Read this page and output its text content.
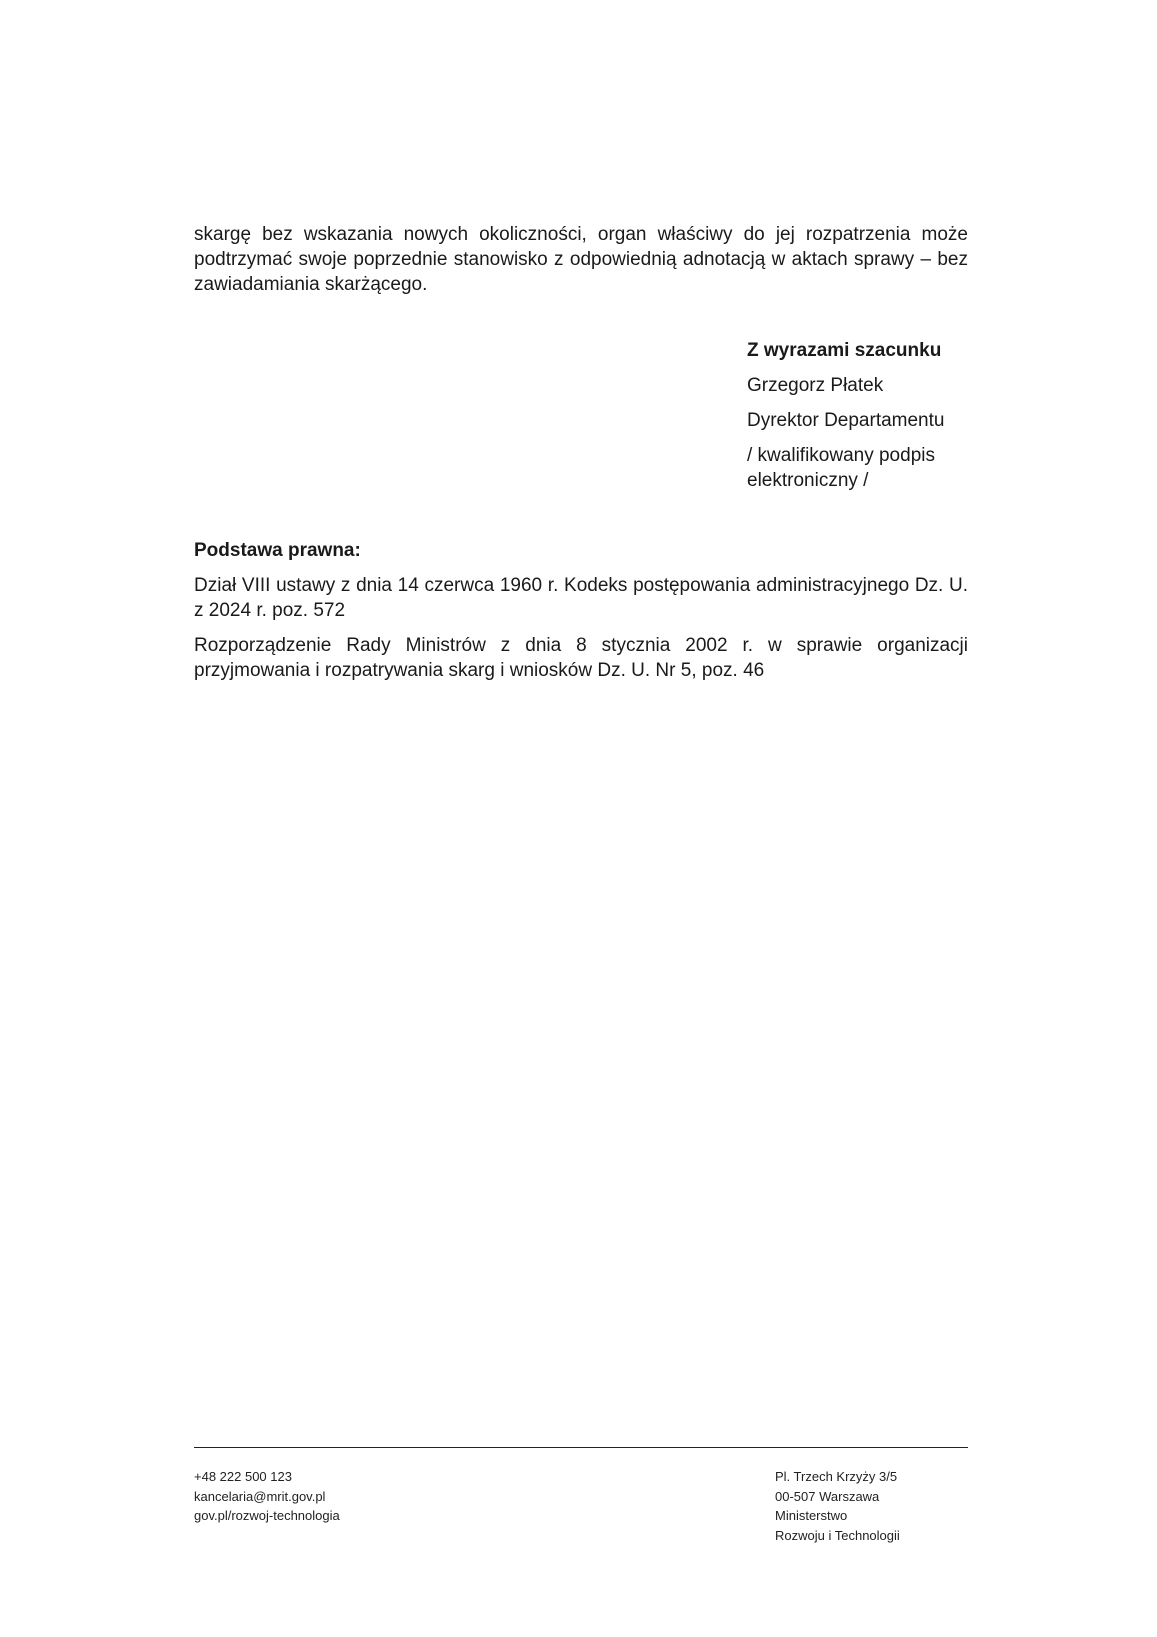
skargę bez wskazania nowych okoliczności, organ właściwy do jej rozpatrzenia może podtrzymać swoje poprzednie stanowisko z odpowiednią adnotacją w aktach sprawy – bez zawiadamiania skarżącego.

Z wyrazami szacunku

Grzegorz Płatek

Dyrektor Departamentu

/ kwalifikowany podpis elektroniczny /

Podstawa prawna:

Dział VIII ustawy z dnia 14 czerwca 1960 r. Kodeks postępowania administracyjnego Dz. U. z 2024 r. poz. 572

Rozporządzenie Rady Ministrów z dnia 8 stycznia 2002 r. w sprawie organizacji przyjmowania i rozpatrywania skarg i wniosków Dz. U. Nr 5, poz. 46

+48 222 500 123
kancelaria@mrit.gov.pl
gov.pl/rozwoj-technologia
Pl. Trzech Krzyży 3/5
00-507 Warszawa
Ministerstwo
Rozwoju i Technologii
